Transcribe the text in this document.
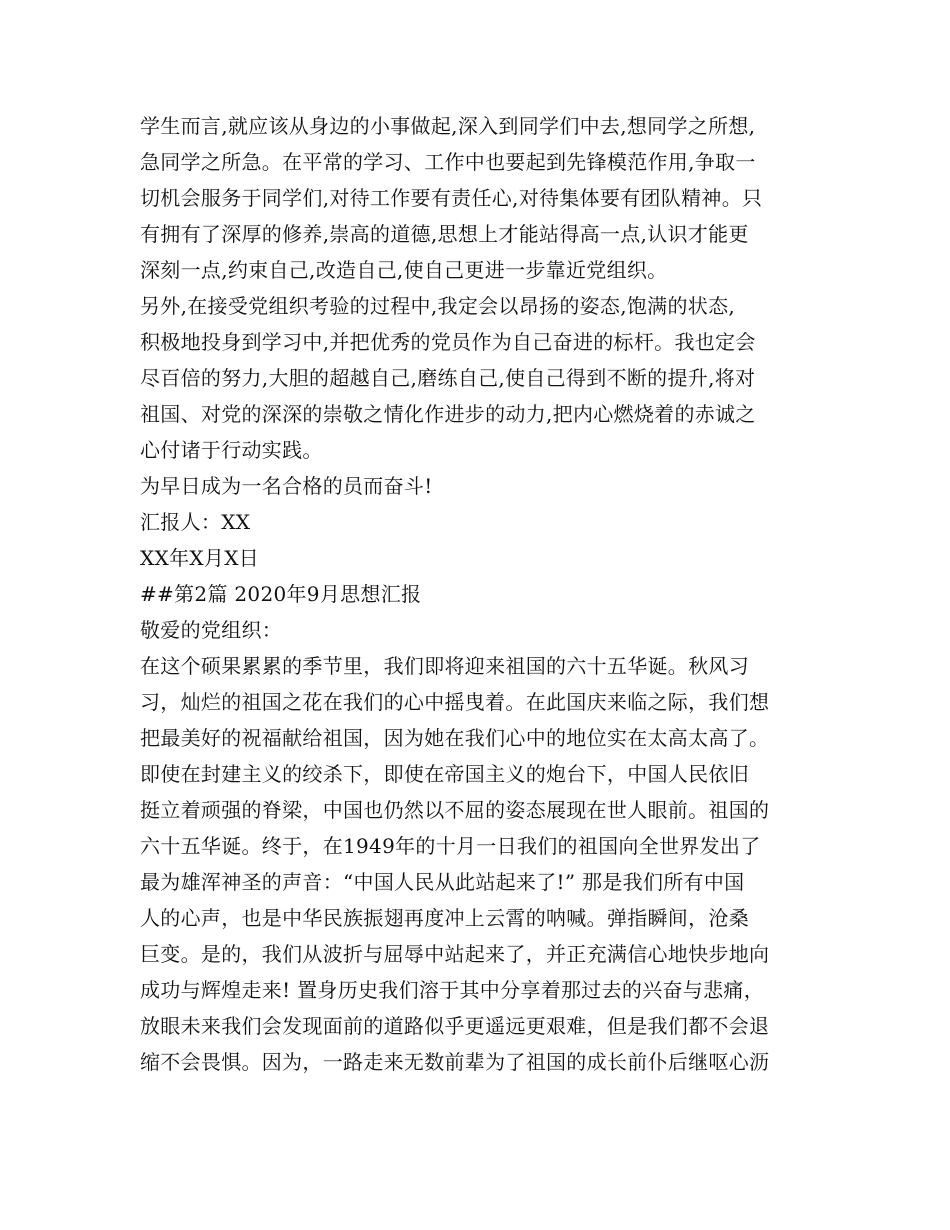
学生而言,就应该从身边的小事做起,深入到同学们中去,想同学之所想,
急同学之所急。在平常的学习、工作中也要起到先锋模范作用,争取一
切机会服务于同学们,对待工作要有责任心,对待集体要有团队精神。只
有拥有了深厚的修养,崇高的道德,思想上才能站得高一点,认识才能更
深刻一点,约束自己,改造自己,使自己更进一步靠近党组织。
另外,在接受党组织考验的过程中,我定会以昂扬的姿态,饱满的状态,
积极地投身到学习中,并把优秀的党员作为自己奋进的标杆。我也定会
尽百倍的努力,大胆的超越自己,磨练自己,使自己得到不断的提升,将对
祖国、对党的深深的崇敬之情化作进步的动力,把内心燃烧着的赤诚之
心付诸于行动实践。
为早日成为一名合格的员而奋斗!
汇报人：XX
XX年X月X日
##第2篇 2020年9月思想汇报
敬爱的党组织：
在这个硕果累累的季节里，我们即将迎来祖国的六十五华诞。秋风习
习，灿烂的祖国之花在我们的心中摇曳着。在此国庆来临之际，我们想
把最美好的祝福献给祖国，因为她在我们心中的地位实在太高太高了。
即使在封建主义的绞杀下，即使在帝国主义的炮台下，中国人民依旧
挺立着顽强的脊梁，中国也仍然以不屈的姿态展现在世人眼前。祖国的
六十五华诞。终于，在1949年的十月一日我们的祖国向全世界发出了
最为雄浑神圣的声音：“中国人民从此站起来了!” 那是我们所有中国
人的心声，也是中华民族振翅再度冲上云霄的呐喊。弹指瞬间，沧桑
巨变。是的，我们从波折与屈辱中站起来了，并正充满信心地快步地向
成功与辉煌走来! 置身历史我们溶于其中分享着那过去的兴奋与悲痛，
放眼未来我们会发现面前的道路似乎更遥远更艰难，但是我们都不会退
缩不会畏惧。因为，一路走来无数前辈为了祖国的成长前仆后继呕心沥
